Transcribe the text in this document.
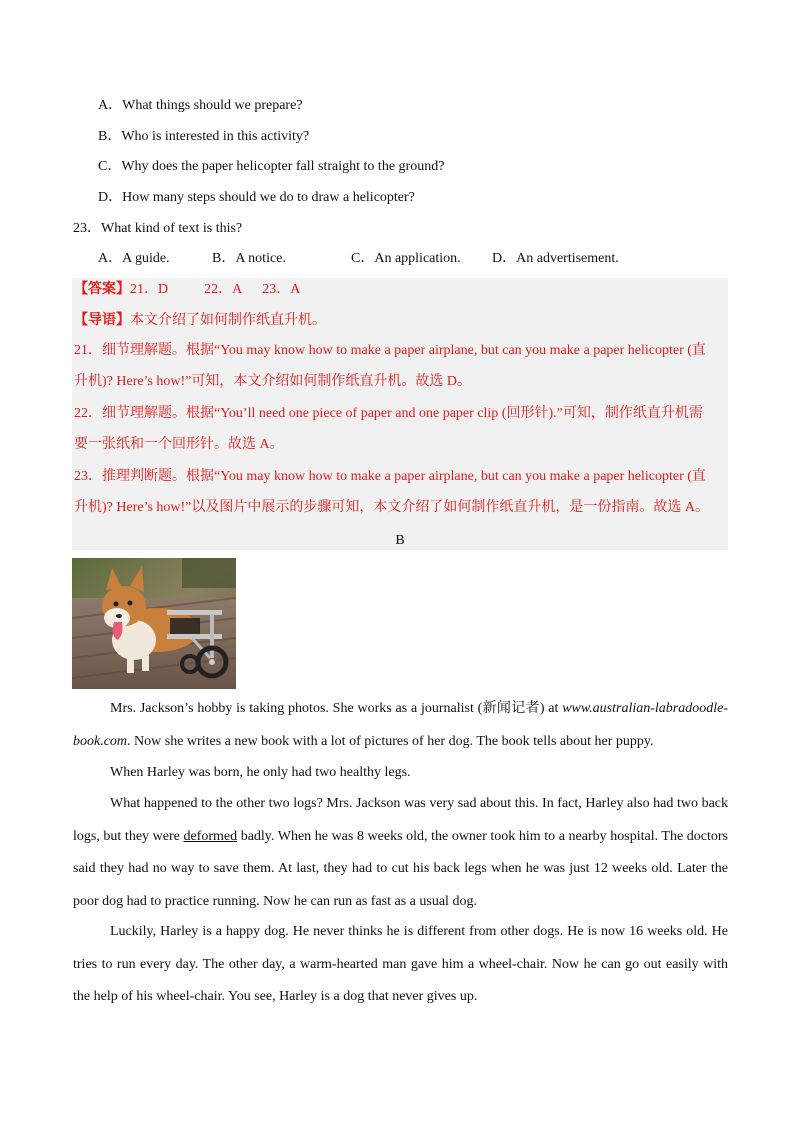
A．What things should we prepare?
B．Who is interested in this activity?
C．Why does the paper helicopter fall straight to the ground?
D．How many steps should we do to draw a helicopter?
23．What kind of text is this?
A．A guide.	B．A notice.	C．An application. D．An advertisement.
【答案】21．D	22．A 23．A
【导语】本文介绍了如何制作纸直升机。
21．细节理解题。根据“You may know how to make a paper airplane, but can you make a paper helicopter (直
升机)? Here’s how!”可知，本文介绍如何制作纸直升机。故选 D。
22．细节理解题。根据“You’ll need one piece of paper and one paper clip (回形针).”可知，制作纸直升机需
要一张纸和一个回形针。故选 A。
23．推理判断题。根据“You may know how to make a paper airplane, but can you make a paper helicopter (直
升机)? Here’s how!”以及图片中展示的步骤可知，本文介绍了如何制作纸直升机，是一份指南。故选 A。
B
Mrs. Jackson’s hobby is taking photos. She works as a journalist (新闻记者) at www.australian-labradoodle-book.com. Now she writes a new book with a lot of pictures of her dog. The book tells about her puppy.
When Harley was born, he only had two healthy legs.
What happened to the other two logs? Mrs. Jackson was very sad about this. In fact, Harley also had two back logs, but they were deformed badly. When he was 8 weeks old, the owner took him to a nearby hospital. The doctors said they had no way to save them. At last, they had to cut his back legs when he was just 12 weeks old. Later the poor dog had to practice running. Now he can run as fast as a usual dog.
Luckily, Harley is a happy dog. He never thinks he is different from other dogs. He is now 16 weeks old. He tries to run every day. The other day, a warm-hearted man gave him a wheel-chair. Now he can go out easily with the help of his wheel-chair. You see, Harley is a dog that never gives up.
